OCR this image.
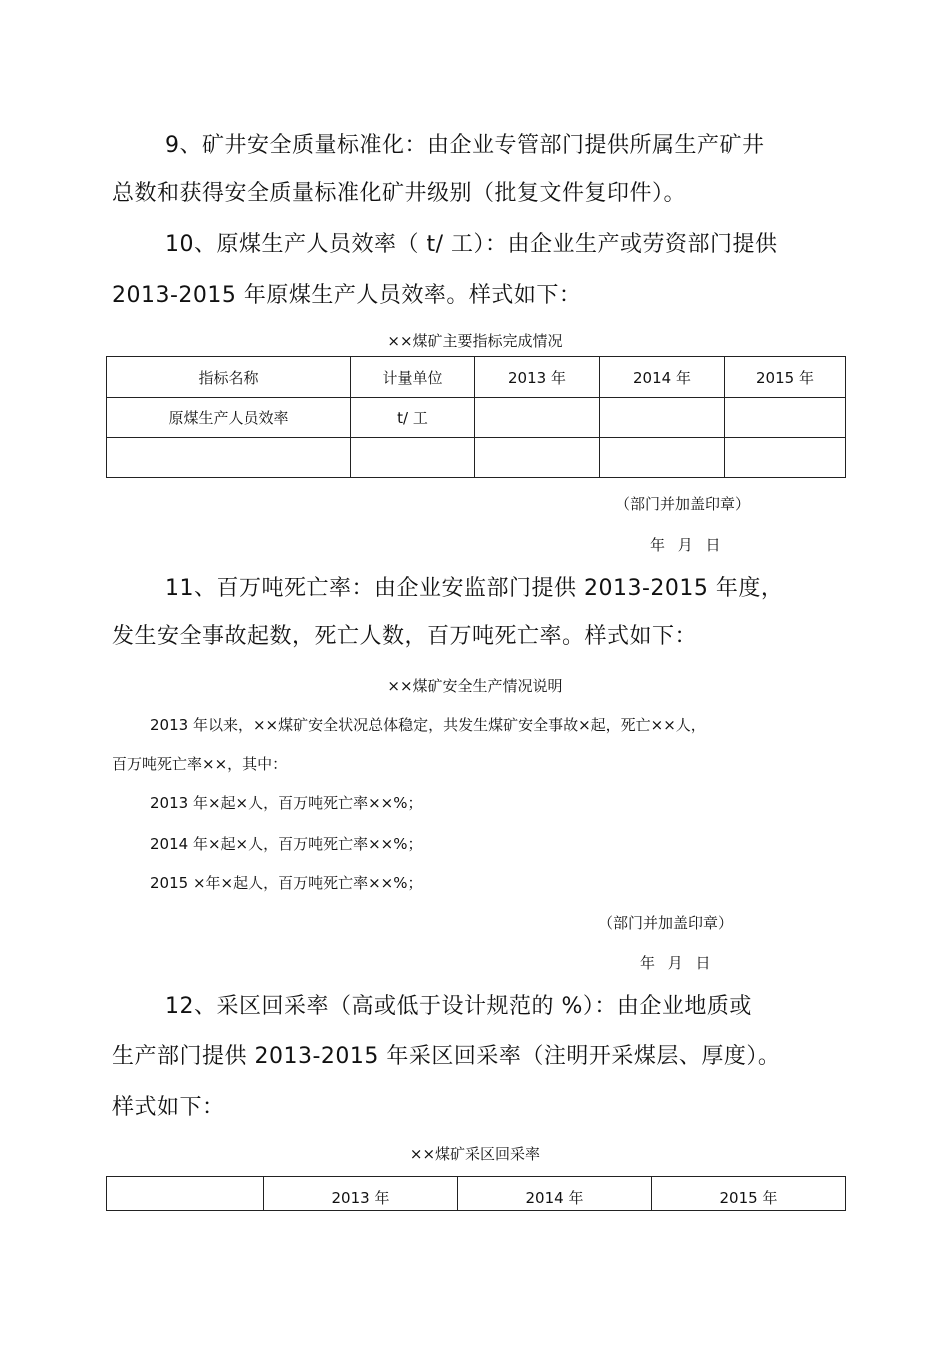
9、矿井安全质量标准化：由企业专管部门提供所属生产矿井
总数和获得安全质量标准化矿井级别（批复文件复印件）。
10、原煤生产人员效率（ t/ 工）：由企业生产或劳资部门提供
2013-2015 年原煤生产人员效率。样式如下：
××煤矿主要指标完成情况
指标名称	计量单位	2013 年	2014 年	2015 年
原煤生产人员效率	t/ 工			

（部门并加盖印章）
年 月 日
11、百万吨死亡率：由企业安监部门提供 2013-2015 年度，
发生安全事故起数，死亡人数，百万吨死亡率。样式如下：
××煤矿安全生产情况说明
2013 年以来，××煤矿安全状况总体稳定，共发生煤矿安全事故×起，死亡××人，
百万吨死亡率××，其中：
2013 年×起×人，百万吨死亡率××%；
2014 年×起×人，百万吨死亡率××%；
2015 ×年×起人，百万吨死亡率××%；
（部门并加盖印章）
年 月 日
12、采区回采率（高或低于设计规范的 %）：由企业地质或
生产部门提供 2013-2015 年采区回采率（注明开采煤层、厚度）。
样式如下：
××煤矿采区回采率
	2013 年	2014 年	2015 年
